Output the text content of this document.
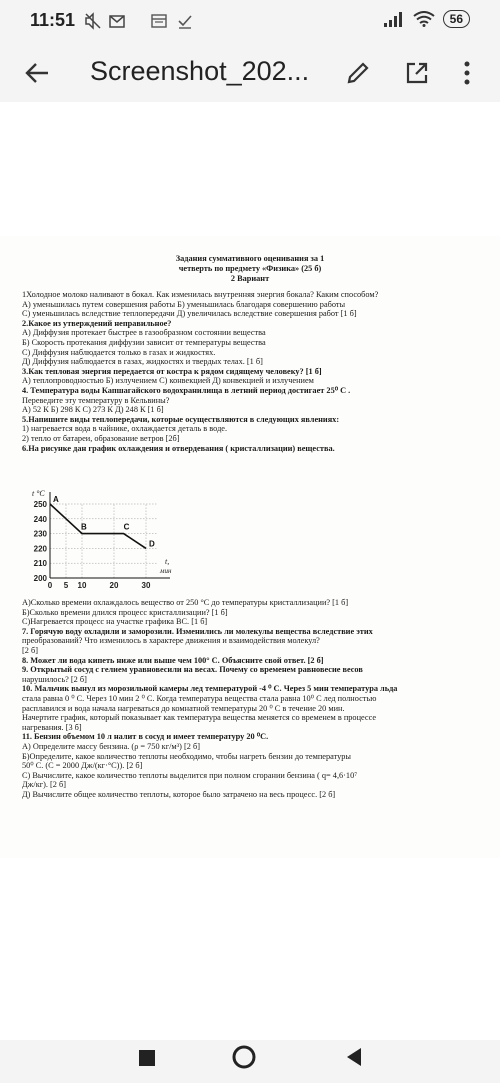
11:51	56
Screenshot_202...
Задания суммативного оценивания за 1
четверть по предмету «Физика» (25 б)
2 Вариант
1Холодное молоко наливают в бокал. Как изменилась внутренняя энергия бокала? Каким способом?
А) уменьшилась путем совершения работы Б) уменьшилась благодаря совершению работы
С) уменьшилась вследствие теплопередачи Д) увеличилась вследствие совершения работ [1 б]
2.Какое из утверждений неправильное?
А) Диффузия протекает быстрее в газообразном состоянии вещества
Б) Скорость протекания диффузии зависит от температуры вещества
С) Диффузия наблюдается только в газах и жидкостях.
Д) Диффузия наблюдается в газах, жидкостях и твердых телах. [1 б]
3.Как тепловая энергия передается от костра к рядом сидящему человеку? [1 б]
А) теплопроводностью Б) излучением С) конвекцией Д) конвекцией и излучением
4. Температура воды Капшагайского водохранилища в летний период достигает 25⁰ С .
Переведите эту температуру в Кельвины?
А) 52 К Б) 298 К С) 273 К Д) 248 К [1 б]
5.Напишите виды теплопередачи, которые осуществляются в следующих явлениях:
1) нагревается вода в чайнике, охлаждается деталь в воде.
2) тепло от батареи, образование ветров [2б]
6.На рисунке дан график охлаждения и отвердевания ( кристаллизации) вещества.
250
240
230
220
210
200
0 5 10	20	30
t °C
t,
мин
A
B	C
D
А)Сколько времени охлаждалось вещество от 250 °С до температуры кристаллизации? [1 б]
Б)Сколько времени длился процесс кристаллизации? [1 б]
С)Нагревается процесс на участке графика ВС. [1 б]
7. Горячую воду охладили и заморозили. Изменились ли молекулы вещества вследствие этих
преобразований? Что изменилось в характере движения и взаимодействия молекул?
[2 б]
8. Может ли вода кипеть ниже или выше чем 100° С. Объясните свой ответ. [2 б]
9. Открытый сосуд с гелием уравновесили на весах. Почему со временем равновесие весов
нарушилось? [2 б]
10. Мальчик вынул из морозильной камеры лед температурой -4 ⁰ С. Через 5 мин температура льда
стала равна 0 ⁰ С. Через 10 мин 2 ⁰ С. Когда температура вещества стала равна 10⁰ С лед полностью
расплавился и вода начала нагреваться до комнатной температуры 20 ⁰ С в течение 20 мин.
Начертите график, который показывает как температура вещества меняется со временем в процессе
нагревания. [3 б]
11. Бензин объемом 10 л налит в сосуд и имеет температуру 20 ⁰С.
А) Определите массу бензина. (ρ = 750 кг/м³) [2 б]
Б)Определите, какое количество теплоты необходимо, чтобы нагреть бензин до температуры
50⁰ С. (С = 2000 Дж/(кг·°С)). [2 б]
С) Вычислите, какое количество теплоты выделится при полном сгорании бензина ( q= 4,6·10⁷
Дж/кг). [2 б]
Д) Вычислите общее количество теплоты, которое было затрачено на весь процесс. [2 б]
